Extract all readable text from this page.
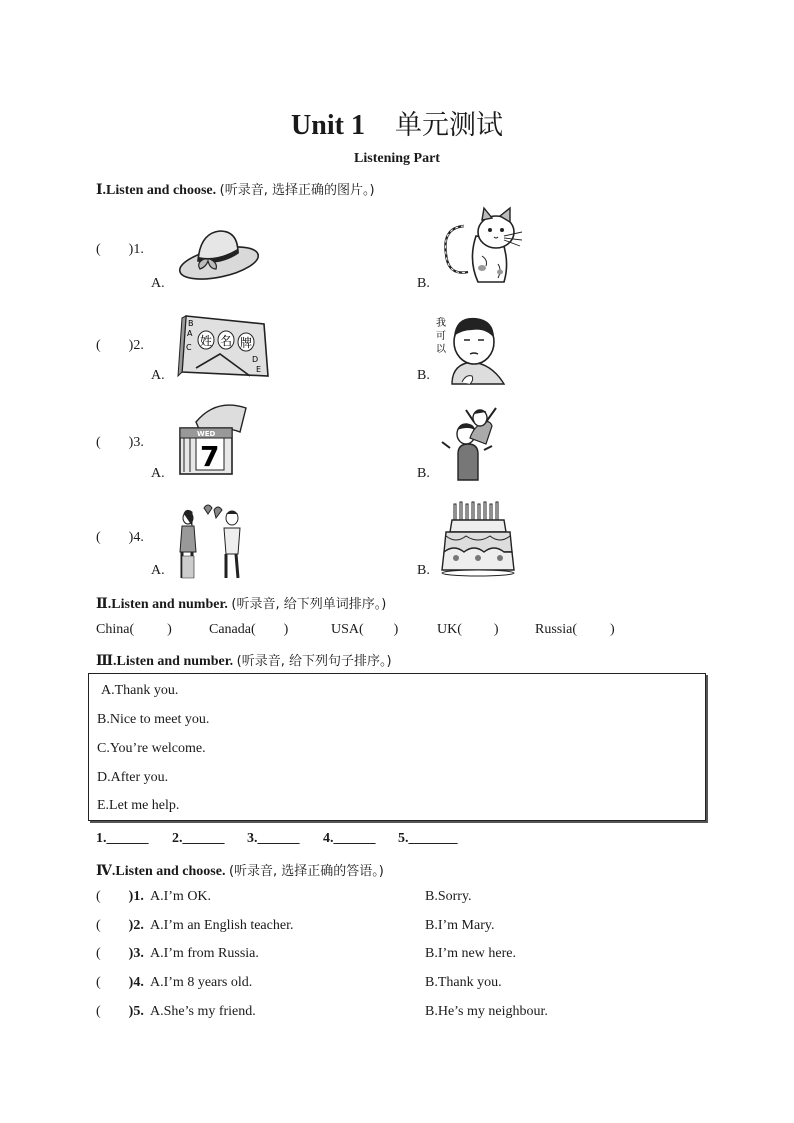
Unit 1 单元测试
Listening Part
Ⅰ.Listen and choose. (听录音, 选择正确的图片。)
( )1.
A.	B.
( )2.
A.	B.
姓 名 牌
B
A
C
D
E
我
可
以
( )3.
A.	B.
WED
7
( )4.
A.	B.
Ⅱ.Listen and number. (听录音, 给下列单词排序。)
China( )	Canada( )	USA( )	UK( )	Russia( )
Ⅲ.Listen and number. (听录音, 给下列句子排序。)
A.Thank you.
B.Nice to meet you.
C.You’re welcome.
D.After you.
E.Let me help.
1.______ 2.______ 3.______ 4.______ 5._______
Ⅳ.Listen and choose. (听录音, 选择正确的答语。)
( )1. A.I’m OK.	B.Sorry.
( )2. A.I’m an English teacher.	B.I’m Mary.
( )3. A.I’m from Russia.	B.I’m new here.
( )4. A.I’m 8 years old.	B.Thank you.
( )5. A.She’s my friend.	B.He’s my neighbour.
